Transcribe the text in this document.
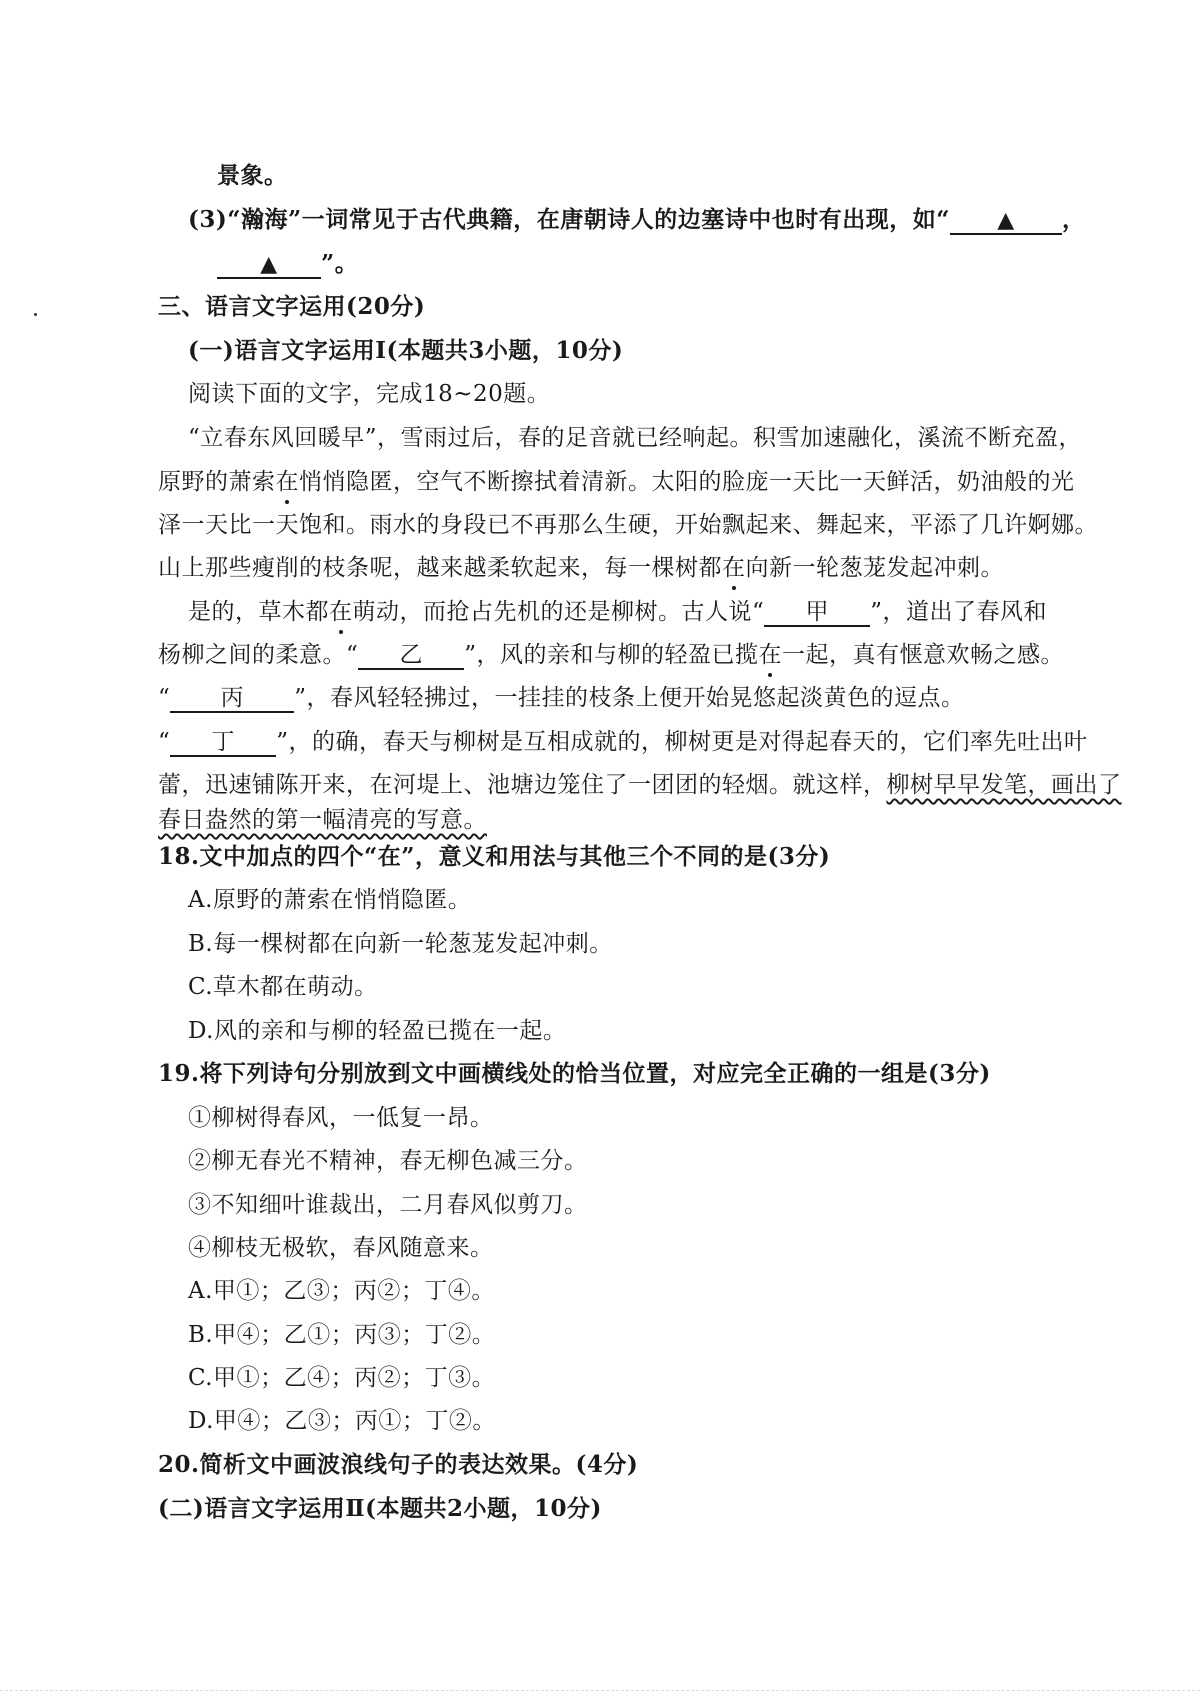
景象。
(3)“瀚海”一词常见于古代典籍，在唐朝诗人的边塞诗中也时有出现，如“ ▲ ，
▲ ”。
三、语言文字运用(20分)
(一)语言文字运用Ⅰ(本题共3小题，10分)
阅读下面的文字，完成18~20题。
“立春东风回暖早”，雪雨过后，春的足音就已经响起。积雪加速融化，溪流不断充盈，
原野的萧索在悄悄隐匿，空气不断擦拭着清新。太阳的脸庞一天比一天鲜活，奶油般的光
泽一天比一天饱和。雨水的身段已不再那么生硬，开始飘起来、舞起来，平添了几许婀娜。
山上那些瘦削的枝条呢，越来越柔软起来，每一棵树都在向新一轮葱茏发起冲刺。
是的，草木都在萌动，而抢占先机的还是柳树。古人说“ 甲 ”，道出了春风和
杨柳之间的柔意。“ 乙 ”，风的亲和与柳的轻盈已揽在一起，真有惬意欢畅之感。
“ 丙 ”，春风轻轻拂过，一挂挂的枝条上便开始晃悠起淡黄色的逗点。
“ 丁 ”，的确，春天与柳树是互相成就的，柳树更是对得起春天的，它们率先吐出叶
蕾，迅速铺陈开来，在河堤上、池塘边笼住了一团团的轻烟。就这样，柳树早早发笔，画出了
春日盎然的第一幅清亮的写意。
18.文中加点的四个“在”，意义和用法与其他三个不同的是(3分)
A.原野的萧索在悄悄隐匿。
B.每一棵树都在向新一轮葱茏发起冲刺。
C.草木都在萌动。
D.风的亲和与柳的轻盈已揽在一起。
19.将下列诗句分别放到文中画横线处的恰当位置，对应完全正确的一组是(3分)
①柳树得春风，一低复一昂。
②柳无春光不精神，春无柳色减三分。
③不知细叶谁裁出，二月春风似剪刀。
④柳枝无极软，春风随意来。
A.甲①；乙③；丙②；丁④。
B.甲④；乙①；丙③；丁②。
C.甲①；乙④；丙②；丁③。
D.甲④；乙③；丙①；丁②。
20.简析文中画波浪线句子的表达效果。(4分)
(二)语言文字运用Ⅱ(本题共2小题，10分)
